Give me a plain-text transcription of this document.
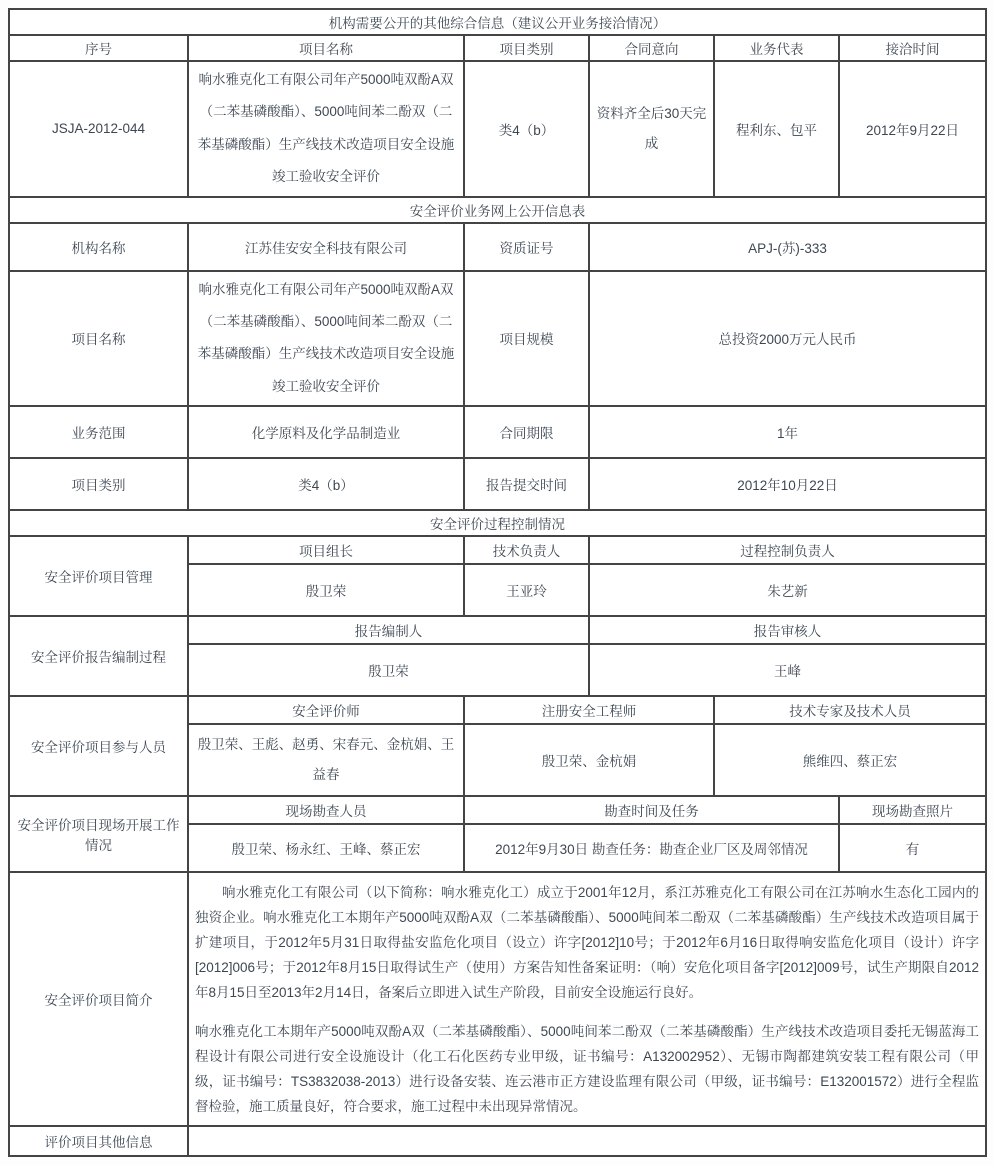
机构需要公开的其他综合信息（建议公开业务接洽情况）					
序号	项目名称	项目类别	合同意向	业务代表	接洽时间
JSJA-2012-044	响水雅克化工有限公司年产5000吨双酚A双（二苯基磷酸酯）、5000吨间苯二酚双（二苯基磷酸酯）生产线技术改造项目安全设施竣工验收安全评价	类4（b）	资料齐全后30天完成	程利东、包平	2012年9月22日
安全评价业务网上公开信息表					
机构名称	江苏佳安安全科技有限公司	资质证号	APJ-(苏)-333		
项目名称	响水雅克化工有限公司年产5000吨双酚A双（二苯基磷酸酯）、5000吨间苯二酚双（二苯基磷酸酯）生产线技术改造项目安全设施竣工验收安全评价	项目规模	总投资2000万元人民币		
业务范围	化学原料及化学品制造业	合同期限	1年		
项目类别	类4（b）	报告提交时间	2012年10月22日		
安全评价过程控制情况					
安全评价项目管理	项目组长	技术负责人	过程控制负责人		
	殷卫荣	王亚玲	朱艺新		
安全评价报告编制过程	报告编制人		报告审核人		
	殷卫荣		王峰		
安全评价项目参与人员	安全评价师	注册安全工程师		技术专家及技术人员	
	殷卫荣、王彪、赵勇、宋春元、金杭娟、王益春	殷卫荣、金杭娟		熊维四、蔡正宏	
安全评价项目现场开展工作情况	现场勘查人员	勘查时间及任务			现场勘查照片
	殷卫荣、杨永红、王峰、蔡正宏	2012年9月30日 勘查任务：勘查企业厂区及周邻情况			有
安全评价项目简介	响水雅克化工有限公司（以下简称：响水雅克化工）成立于2001年12月，系江苏雅克化工有限公司在江苏响水生态化工园内的独资企业。响水雅克化工本期年产5000吨双酚A双（二苯基磷酸酯）、5000吨间苯二酚双（二苯基磷酸酯）生产线技术改造项目属于扩建项目，于2012年5月31日取得盐安监危化项目（设立）许字[2012]10号；于2012年6月16日取得响安监危化项目（设计）许字[2012]006号；于2012年8月15日取得试生产（使用）方案告知性备案证明：（响）安危化项目备字[2012]009号，试生产期限自2012年8月15日至2013年2月14日，备案后立即进入试生产阶段，目前安全设施运行良好。

响水雅克化工本期年产5000吨双酚A双（二苯基磷酸酯）、5000吨间苯二酚双（二苯基磷酸酯）生产线技术改造项目委托无锡蓝海工程设计有限公司进行安全设施设计（化工石化医药专业甲级，证书编号：A132002952）、无锡市陶都建筑安装工程有限公司（甲级，证书编号：TS3832038-2013）进行设备安装、连云港市正方建设监理有限公司（甲级，证书编号：E132001572）进行全程监督检验，施工质量良好，符合要求，施工过程中未出现异常情况。				

评价项目其他信息					
